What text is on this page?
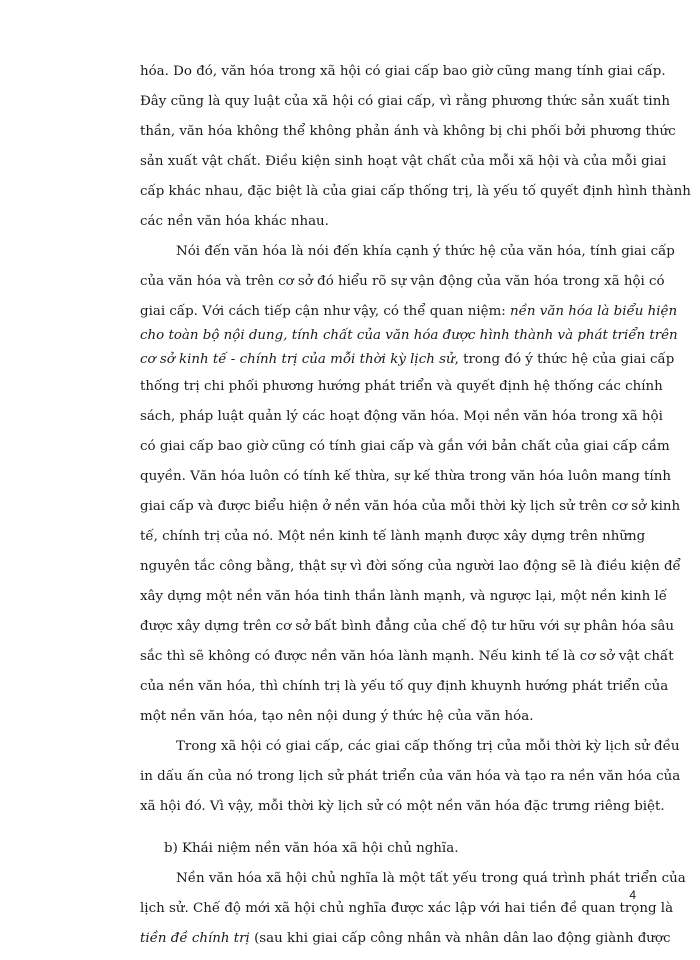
hóa. Do đó, văn hóa trong xã hội có giai cấp bao giờ cũng mang tính giai cấp.
Đây cũng là quy luật của xã hội có giai cấp, vì rằng phương thức sản xuất tinh
thần, văn hóa không thể không phản ánh và không bị chi phối bởi phương thức
sản xuất vật chất. Điều kiện sinh hoạt vật chất của mỗi xã hội và của mỗi giai
cấp khác nhau, đặc biệt là của giai cấp thống trị, là yếu tố quyết định hình thành
các nền văn hóa khác nhau.
Nói đến văn hóa là nói đến khía cạnh ý thức hệ của văn hóa, tính giai cấp
của văn hóa và trên cơ sở đó hiểu rõ sự vận động của văn hóa trong xã hội có
giai cấp. Với cách tiếp cận như vậy, có thể quan niệm: nền văn hóa là biểu hiện
cho toàn bộ nội dung, tính chất của văn hóa được hình thành và phát triển trên
cơ sở kinh tế - chính trị của mỗi thời kỳ lịch sử, trong đó ý thức hệ của giai cấp
thống trị chi phối phương hướng phát triển và quyết định hệ thống các chính
sách, pháp luật quản lý các hoạt động văn hóa. Mọi nền văn hóa trong xã hội
có giai cấp bao giờ cũng có tính giai cấp và gắn với bản chất của giai cấp cầm
quyền. Văn hóa luôn có tính kế thừa, sự kế thừa trong văn hóa luôn mang tính
giai cấp và được biểu hiện ở nền văn hóa của mỗi thời kỳ lịch sử trên cơ sở kinh
tế, chính trị của nó. Một nền kinh tế lành mạnh được xây dựng trên những
nguyên tắc công bằng, thật sự vì đời sống của người lao động sẽ là điều kiện để
xây dựng một nền văn hóa tinh thần lành mạnh, và ngược lại, một nền kinh lế
được xây dựng trên cơ sở bất bình đẳng của chế độ tư hữu với sự phân hóa sâu
sắc thì sẽ không có được nền văn hóa lành mạnh. Nếu kinh tế là cơ sở vật chất
của nền văn hóa, thì chính trị là yếu tố quy định khuynh hướng phát triển của
một nền văn hóa, tạo nên nội dung ý thức hệ của văn hóa.
Trong xã hội có giai cấp, các giai cấp thống trị của mỗi thời kỳ lịch sử đều
in dấu ấn của nó trong lịch sử phát triển của văn hóa và tạo ra nền văn hóa của
xã hội đó. Vì vậy, mỗi thời kỳ lịch sử có một nền văn hóa đặc trưng riêng biệt.
b) Khái niệm nền văn hóa xã hội chủ nghĩa.
Nền văn hóa xã hội chủ nghĩa là một tất yếu trong quá trình phát triển của
lịch sử. Chế độ mới xã hội chủ nghĩa được xác lập với hai tiền đề quan trọng là
tiền đề chính trị (sau khi giai cấp công nhân và nhân dân lao động giành được
4
